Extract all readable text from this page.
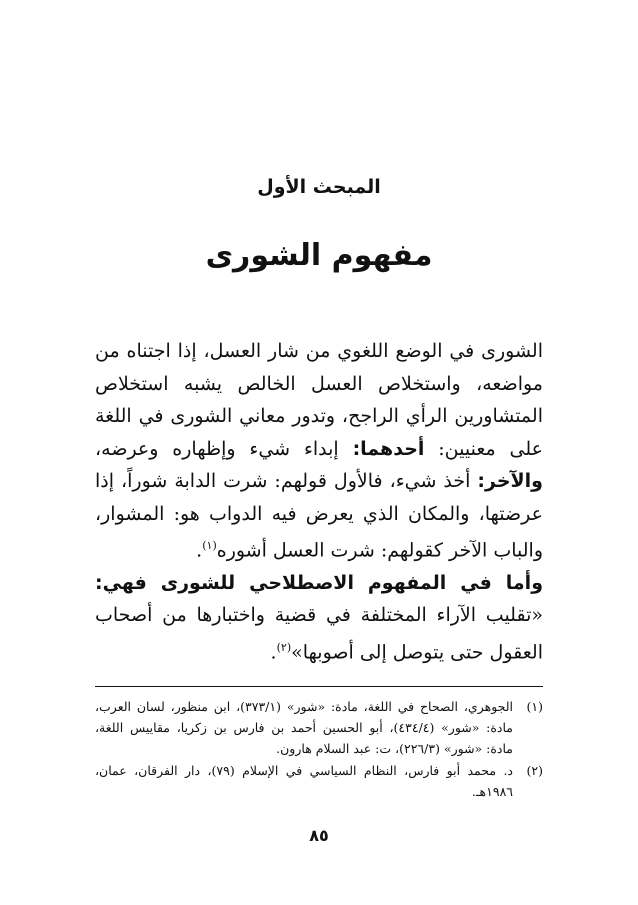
المبحث الأول
مفهوم الشورى

الشورى في الوضع اللغوي من شار العسل، إذا اجتناه من مواضعه، واستخلاص العسل الخالص يشبه استخلاص المتشاورين الرأي الراجح، وتدور معاني الشورى في اللغة على معنيين: أحدهما: إبداء شيء وإظهاره وعرضه، والآخر: أخذ شيء، فالأول قولهم: شرت الدابة شوراً، إذا عرضتها، والمكان الذي يعرض فيه الدواب هو: المشوار، والباب الآخر كقولهم: شرت العسل أشوره$^{(١)}$.

وأما في المفهوم الاصطلاحي للشورى فهي: «تقليب الآراء المختلفة في قضية واختبارها من أصحاب العقول حتى يتوصل إلى أصوبها»$^{(٢)}$.

(١)
الجوهري، الصحاح في اللغة، مادة: «شور» (٣٧٣/١)، ابن منظور، لسان العرب، مادة: «شور» (٤٣٤/٤)، أبو الحسين أحمد بن فارس بن زكريا، مقاييس اللغة، مادة: «شور» (٢٢٦/٣)، ت: عبد السلام هارون.
(٢)
د. محمد أبو فارس، النظام السياسي في الإسلام (٧٩)، دار الفرقان، عمان، ١٩٨٦هـ.
٨٥
